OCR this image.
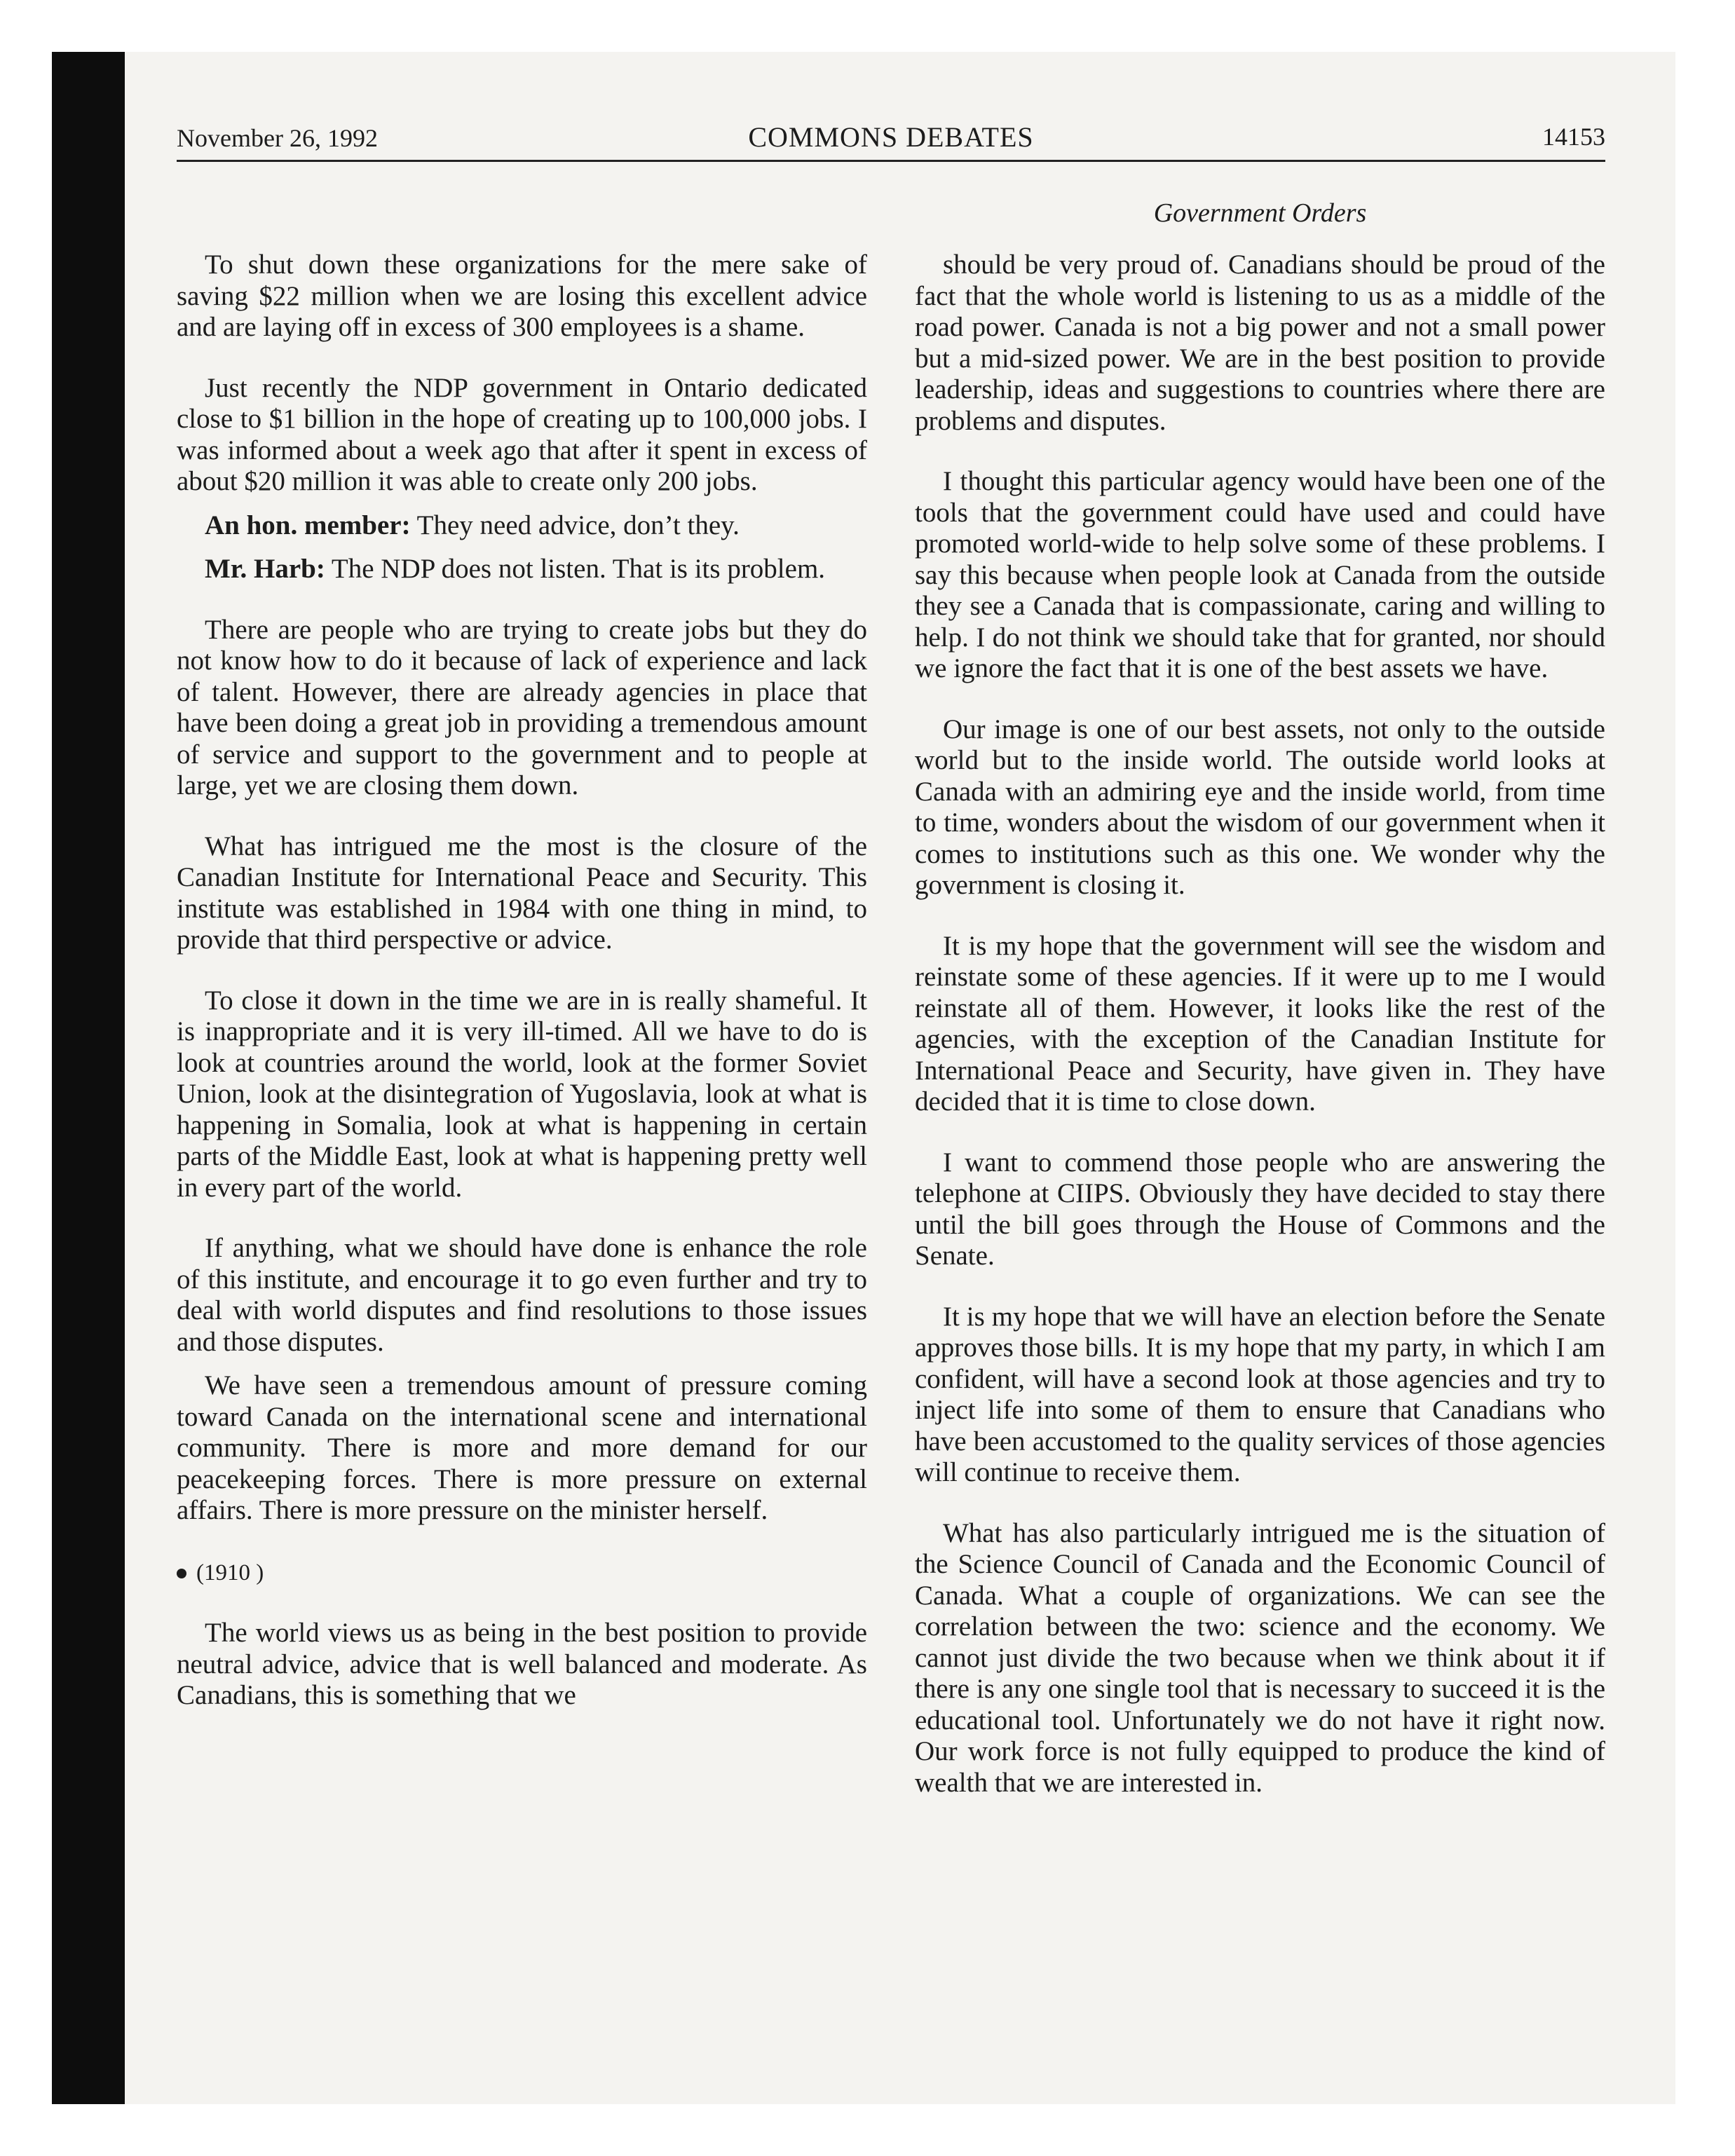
November 26, 1992	COMMONS DEBATES	14153
Government Orders

To shut down these organizations for the mere sake of saving $22 million when we are losing this excellent advice and are laying off in excess of 300 employees is a shame.

Just recently the NDP government in Ontario dedicated close to $1 billion in the hope of creating up to 100,000 jobs. I was informed about a week ago that after it spent in excess of about $20 million it was able to create only 200 jobs.

An hon. member: They need advice, don’t they.

Mr. Harb: The NDP does not listen. That is its problem.

There are people who are trying to create jobs but they do not know how to do it because of lack of experience and lack of talent. However, there are already agencies in place that have been doing a great job in providing a tremendous amount of service and support to the government and to people at large, yet we are closing them down.

What has intrigued me the most is the closure of the Canadian Institute for International Peace and Security. This institute was established in 1984 with one thing in mind, to provide that third perspective or advice.

To close it down in the time we are in is really shameful. It is inappropriate and it is very ill-timed. All we have to do is look at countries around the world, look at the former Soviet Union, look at the disintegration of Yugoslavia, look at what is happening in Somalia, look at what is happening in certain parts of the Middle East, look at what is happening pretty well in every part of the world.

If anything, what we should have done is enhance the role of this institute, and encourage it to go even further and try to deal with world disputes and find resolutions to those issues and those disputes.

We have seen a tremendous amount of pressure coming toward Canada on the international scene and international community. There is more and more demand for our peacekeeping forces. There is more pressure on external affairs. There is more pressure on the minister herself.

(1910 )

The world views us as being in the best position to provide neutral advice, advice that is well balanced and moderate. As Canadians, this is something that we

should be very proud of. Canadians should be proud of the fact that the whole world is listening to us as a middle of the road power. Canada is not a big power and not a small power but a mid-sized power. We are in the best position to provide leadership, ideas and suggestions to countries where there are problems and disputes.

I thought this particular agency would have been one of the tools that the government could have used and could have promoted world-wide to help solve some of these problems. I say this because when people look at Canada from the outside they see a Canada that is compassionate, caring and willing to help. I do not think we should take that for granted, nor should we ignore the fact that it is one of the best assets we have.

Our image is one of our best assets, not only to the outside world but to the inside world. The outside world looks at Canada with an admiring eye and the inside world, from time to time, wonders about the wisdom of our government when it comes to institutions such as this one. We wonder why the government is closing it.

It is my hope that the government will see the wisdom and reinstate some of these agencies. If it were up to me I would reinstate all of them. However, it looks like the rest of the agencies, with the exception of the Canadian Institute for International Peace and Security, have given in. They have decided that it is time to close down.

I want to commend those people who are answering the telephone at CIIPS. Obviously they have decided to stay there until the bill goes through the House of Commons and the Senate.

It is my hope that we will have an election before the Senate approves those bills. It is my hope that my party, in which I am confident, will have a second look at those agencies and try to inject life into some of them to ensure that Canadians who have been accustomed to the quality services of those agencies will continue to receive them.

What has also particularly intrigued me is the situation of the Science Council of Canada and the Economic Council of Canada. What a couple of organizations. We can see the correlation between the two: science and the economy. We cannot just divide the two because when we think about it if there is any one single tool that is necessary to succeed it is the educational tool. Unfortunately we do not have it right now. Our work force is not fully equipped to produce the kind of wealth that we are interested in.
